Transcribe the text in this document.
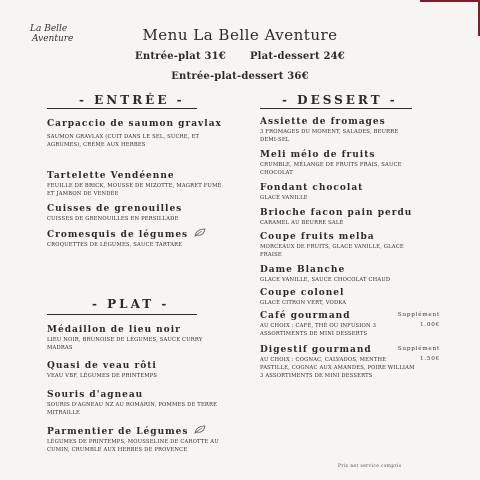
La Belle
Aventure	Menu La Belle Aventure
Entrée-plat 31€ Plat-dessert 24€
Entrée-plat-dessert 36€
- ENTRÉE -
Carpaccio de saumon gravlax
SAUMON GRAVLAX (CUIT DANS LE SEL, SUCRE, ET AGRUMES), CRÈME AUX HERBES
Tartelette Vendéenne
FEUILLE DE BRICK, MOUSSE DE MIZOTTE, MAGRET FUMÉ ET JAMBON DE VENDÉE
Cuisses de grenouilles
CUISSES DE GRENOUILLES EN PERSILLADE
Cromesquis de légumes
CROQUETTES DE LÉGUMES, SAUCE TARTARE
- PLAT -
Médaillon de lieu noir
LIEU NOIR, BRUNOISE DE LÉGUMES, SAUCE CURRY MADRAS
Quasi de veau rôti
VEAU VBF, LÉGUMES DE PRINTEMPS
Souris d'agneau
SOURIS D'AGNEAU NZ AU ROMARIN, POMMES DE TERRE MITRAILLE
Parmentier de Légumes
LÉGUMES DE PRINTEMPS, MOUSSELINE DE CAROTTE AU CUMIN, CRUMBLE AUX HERBES DE PROVENCE
- DESSERT -
Assiette de fromages
3 FROMAGES DU MOMENT, SALADES, BEURRE DEMI-SEL
Meli mélo de fruits
CRUMBLE, MÉLANGE DE FRUITS FRAIS, SAUCE CHOCOLAT
Fondant chocolat
GLACE VANILLE
Brioche facon pain perdu
CARAMEL AU BEURRE SALÉ
Coupe fruits melba
MORCEAUX DE FRUITS, GLACE VANILLE, GLACE FRAISE
Dame Blanche
GLACE VANILLE, SAUCE CHOCOLAT CHAUD
Coupe colonel
GLACE CITRON VERT, VODKA
Café gourmand
AU CHOIX : CAFÉ, THÉ OU INFUSION 3 ASSORTIMENTS DE MINI DESSERTS
Supplément
1.00€
Digestif gourmand
AU CHOIX : COGNAC, CALVADOS, MENTHE PASTILLE, COGNAC AUX AMANDES, POIRE WILLIAM 3 ASSORTIMENTS DE MINI DESSERTS
Supplément
1.50€
Prix net service compris
